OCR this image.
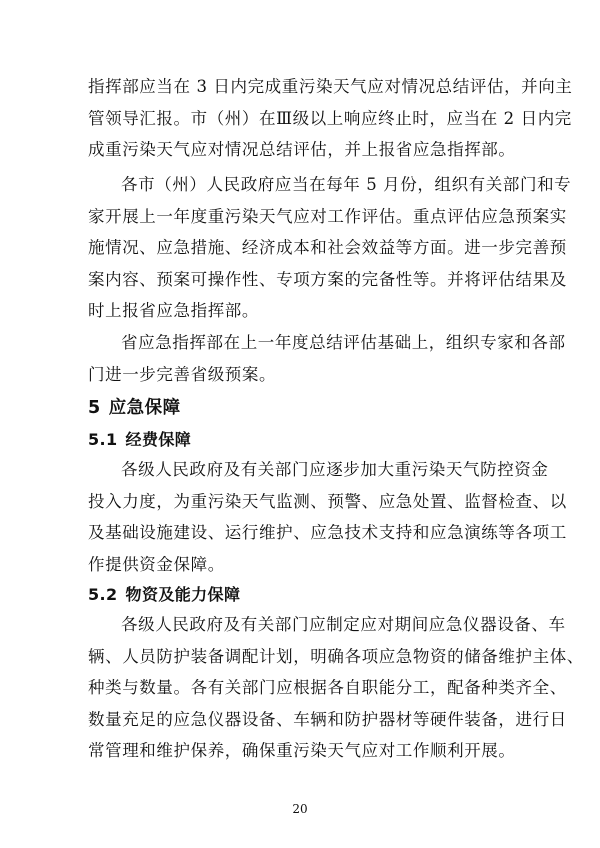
指挥部应当在 3 日内完成重污染天气应对情况总结评估，并向主
管领导汇报。市（州）在Ⅲ级以上响应终止时，应当在 2 日内完
成重污染天气应对情况总结评估，并上报省应急指挥部。

各市（州）人民政府应当在每年 5 月份，组织有关部门和专
家开展上一年度重污染天气应对工作评估。重点评估应急预案实
施情况、应急措施、经济成本和社会效益等方面。进一步完善预
案内容、预案可操作性、专项方案的完备性等。并将评估结果及
时上报省应急指挥部。

省应急指挥部在上一年度总结评估基础上，组织专家和各部
门进一步完善省级预案。

5 应急保障
5.1 经费保障

各级人民政府及有关部门应逐步加大重污染天气防控资金
投入力度，为重污染天气监测、预警、应急处置、监督检查、以
及基础设施建设、运行维护、应急技术支持和应急演练等各项工
作提供资金保障。

5.2 物资及能力保障

各级人民政府及有关部门应制定应对期间应急仪器设备、车
辆、人员防护装备调配计划，明确各项应急物资的储备维护主体、
种类与数量。各有关部门应根据各自职能分工，配备种类齐全、
数量充足的应急仪器设备、车辆和防护器材等硬件装备，进行日
常管理和维护保养，确保重污染天气应对工作顺利开展。

20
